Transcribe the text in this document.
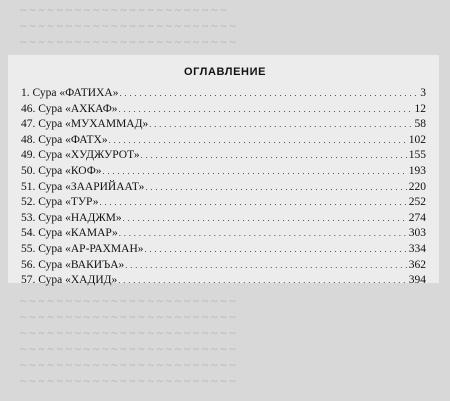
~ ~ ~ ~ ~ ~ ~ ~ ~ ~ ~ ~ ~ ~ ~ ~ ~ ~ ~ ~ ~ ~ ~
~ ~ ~ ~ ~ ~ ~ ~ ~ ~ ~ ~ ~ ~ ~ ~ ~ ~ ~ ~ ~ ~ ~ ~
~ ~ ~ ~ ~ ~ ~ ~ ~ ~ ~ ~ ~ ~ ~ ~ ~ ~ ~ ~ ~ ~ ~ ~
~ ~ ~ ~ ~ ~ ~ ~ ~ ~ ~ ~ ~ ~ ~ ~ ~ ~ ~ ~ ~ ~ ~ ~
~ ~ ~ ~ ~ ~ ~ ~ ~ ~ ~ ~ ~ ~ ~ ~ ~ ~ ~ ~ ~ ~ ~ ~
~ ~ ~ ~ ~ ~ ~ ~ ~ ~ ~ ~ ~ ~ ~ ~ ~ ~ ~ ~ ~ ~ ~ ~
~ ~ ~ ~ ~ ~ ~ ~ ~ ~ ~ ~ ~ ~ ~ ~ ~ ~ ~ ~ ~ ~ ~ ~
~ ~ ~ ~ ~ ~ ~ ~ ~ ~ ~ ~ ~ ~ ~ ~ ~ ~ ~ ~ ~ ~ ~ ~
~ ~ ~ ~ ~ ~ ~ ~ ~ ~ ~ ~ ~ ~ ~ ~ ~ ~ ~ ~ ~ ~ ~ ~
ОГЛАВЛЕНИЕ
1. Сура «ФАТИХА» . . .	3
46. Сура «АХКАФ» . . .	12
47. Сура «МУХАММАД» . . .	58
48. Сура «ФАТХ» . . .	102
49. Сура «ХУДЖУРОТ» . . .	155
50. Сура «КОФ» . . .	193
51. Сура «ЗААРИЙААТ» . . .	220
52. Сура «ТУР» . . .	252
53. Сура «НАДЖМ» . . .	274
54. Сура «КАМАР» . . .	303
55. Сура «АР-РАХМАН» . . .	334
56. Сура «ВАКИЪА» . . .	362
57. Сура «ХАДИД» . . .	394
